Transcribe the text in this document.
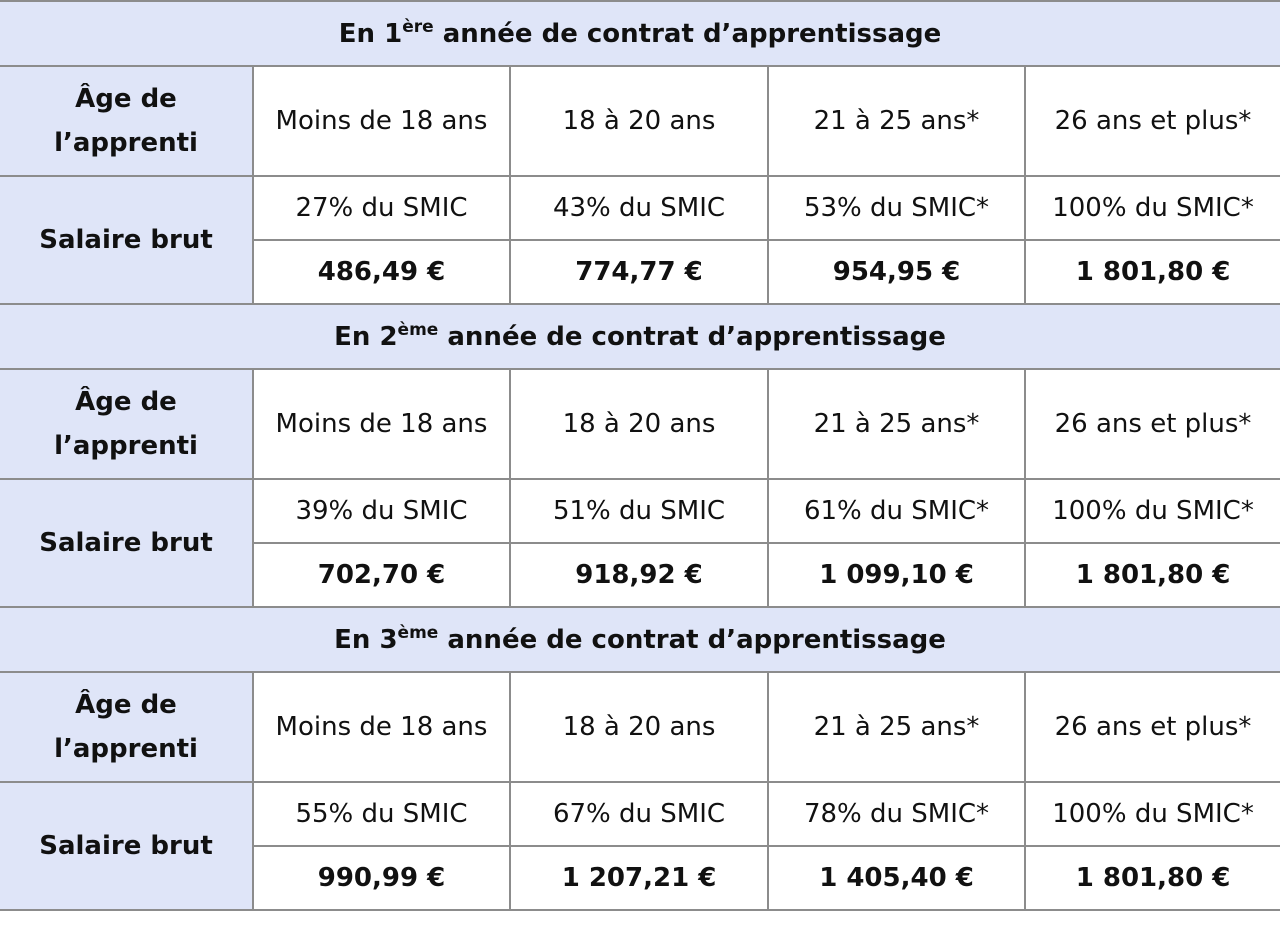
En 1ère année de contrat d’apprentissage				

Âge de
l’apprenti	Moins de 18 ans	18 à 20 ans	21 à 25 ans*	26 ans et plus*
Salaire brut	27% du SMIC	43% du SMIC	53% du SMIC*	100% du SMIC*
	486,49 €	774,77 €	954,95 €	1 801,80 €
En 2ème année de contrat d’apprentissage				

Âge de
l’apprenti	Moins de 18 ans	18 à 20 ans	21 à 25 ans*	26 ans et plus*
Salaire brut	39% du SMIC	51% du SMIC	61% du SMIC*	100% du SMIC*
	702,70 €	918,92 €	1 099,10 €	1 801,80 €
En 3ème année de contrat d’apprentissage				

Âge de
l’apprenti	Moins de 18 ans	18 à 20 ans	21 à 25 ans*	26 ans et plus*
Salaire brut	55% du SMIC	67% du SMIC	78% du SMIC*	100% du SMIC*
	990,99 €	1 207,21 €	1 405,40 €	1 801,80 €
